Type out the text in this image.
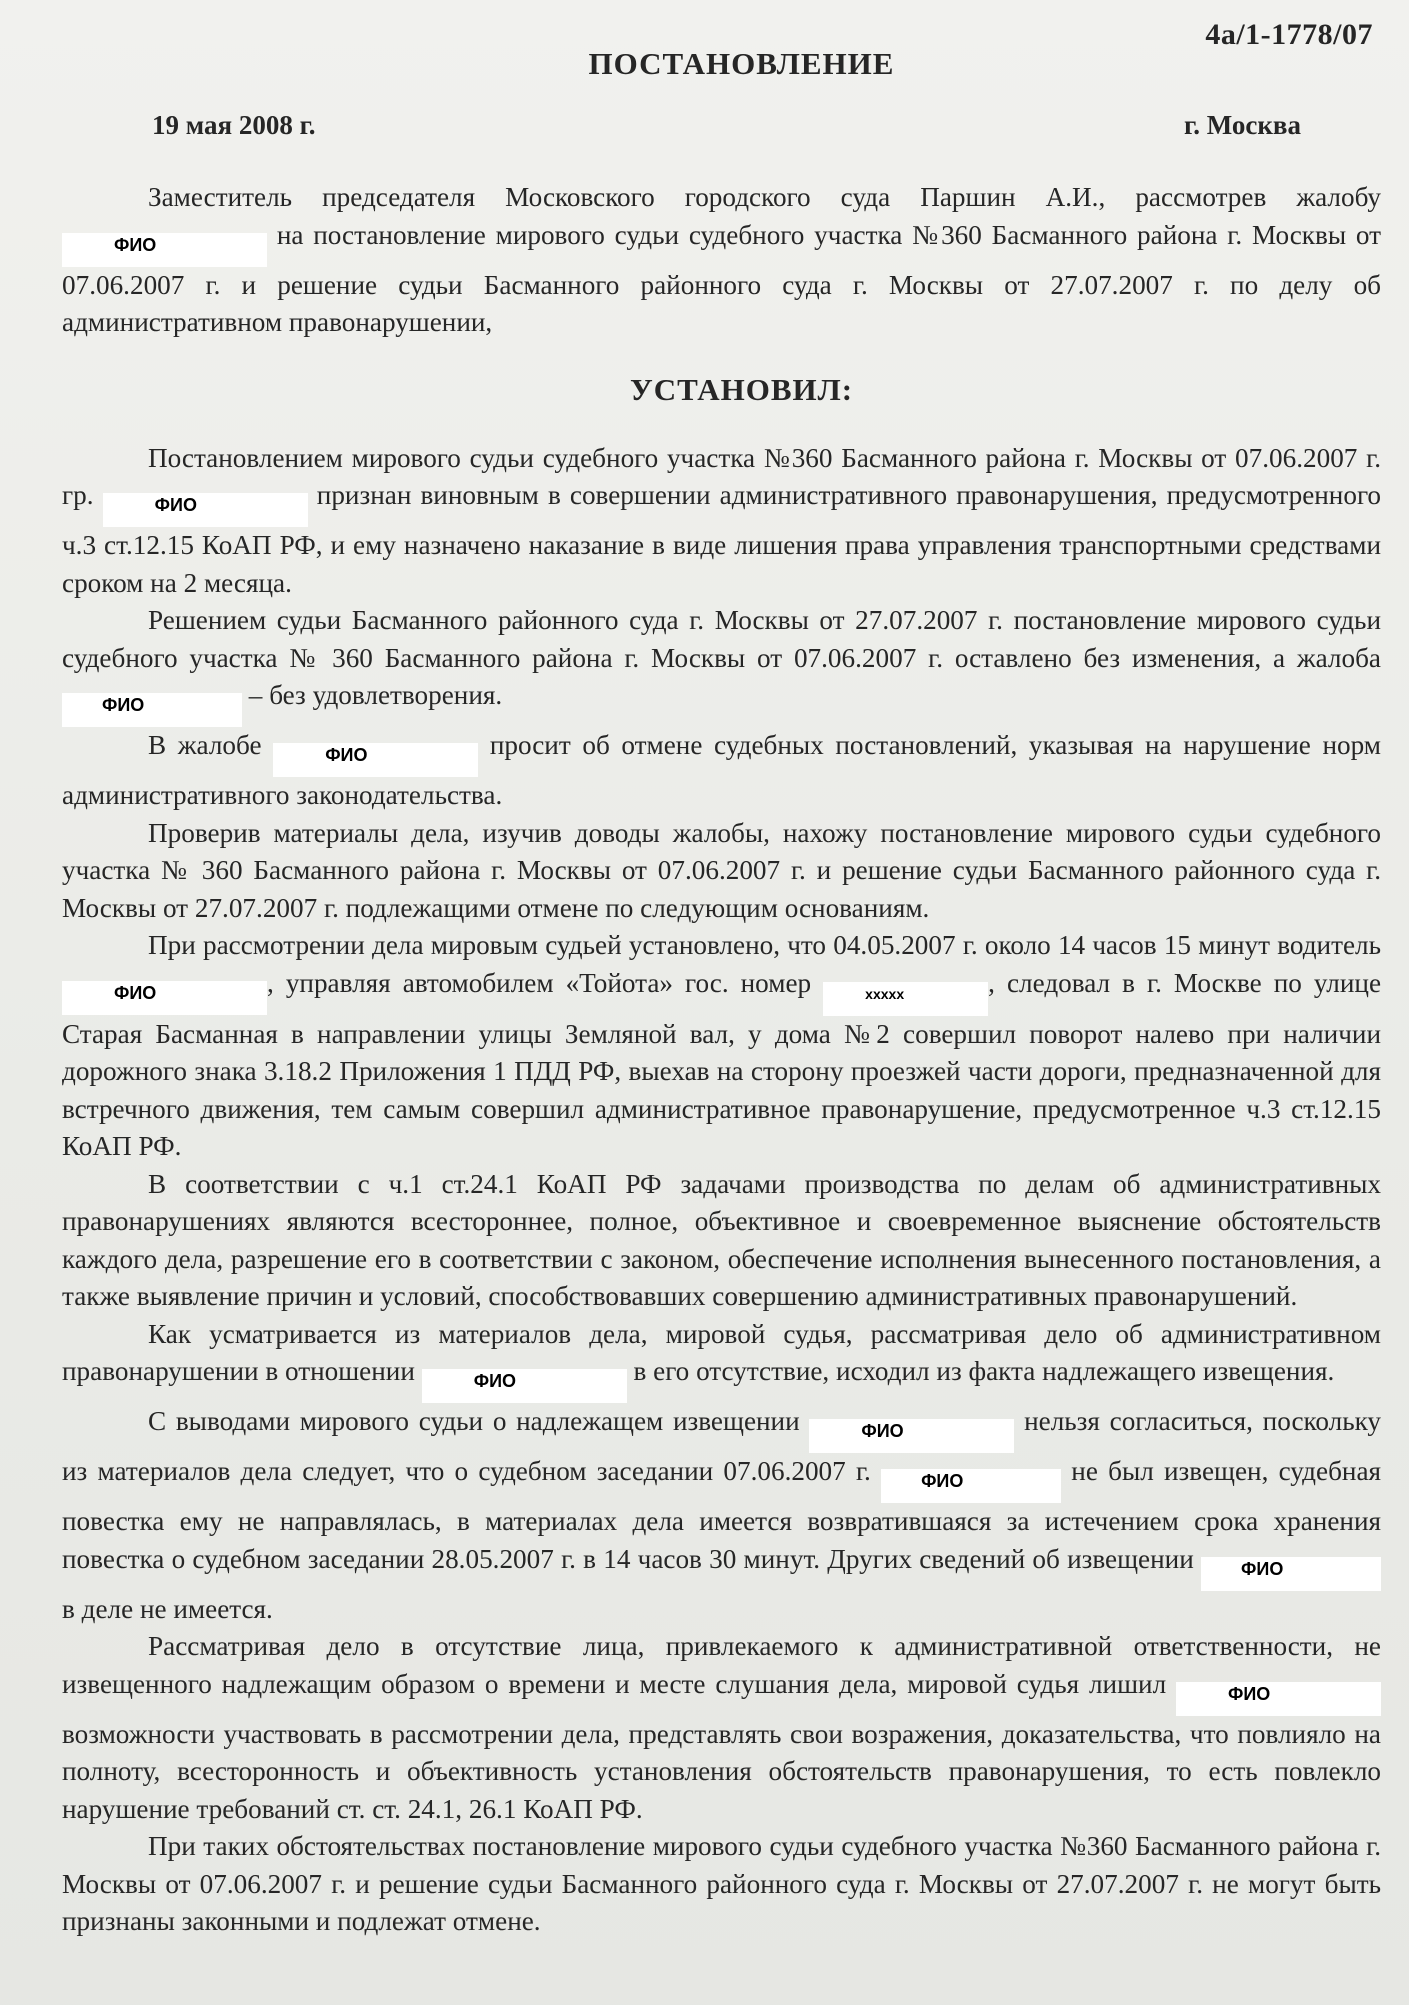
4а/1-1778/07
ПОСТАНОВЛЕНИЕ
19 мая 2008 г.	г. Москва

Заместитель председателя Московского городского суда Паршин А.И., рассмотрев жалобу ФИО	на постановление мирового судьи судебного участка №360 Басманного района г. Москвы от 07.06.2007 г. и решение судьи Басманного районного суда г. Москвы от 27.07.2007 г. по делу об административном правонарушении,

УСТАНОВИЛ:

Постановлением мирового судьи судебного участка №360 Басманного района г. Москвы от 07.06.2007 г. гр.	ФИО	признан виновным в совершении административного правонарушения, предусмотренного ч.3 ст.12.15 КоАП РФ, и ему назначено наказание в виде лишения права управления транспортными средствами сроком на 2 месяца.

Решением судьи Басманного районного суда г. Москвы от 27.07.2007 г. постановление мирового судьи судебного участка № 360 Басманного района г. Москвы от 07.06.2007 г. оставлено без изменения, а жалоба ФИО	– без удовлетворения.

В жалобе	ФИО	просит об отмене судебных постановлений, указывая на нарушение норм административного законодательства.

Проверив материалы дела, изучив доводы жалобы, нахожу постановление мирового судьи судебного участка № 360 Басманного района г. Москвы от 07.06.2007 г. и решение судьи Басманного районного суда г. Москвы от 27.07.2007 г. подлежащими отмене по следующим основаниям.

При рассмотрении дела мировым судьей установлено, что 04.05.2007 г. около 14 часов 15 минут водитель ФИО	, управляя автомобилем «Тойота» гос. номер	ххххх	, следовал в г. Москве по улице Старая Басманная в направлении улицы Земляной вал, у дома №2 совершил поворот налево при наличии дорожного знака 3.18.2 Приложения 1 ПДД РФ, выехав на сторону проезжей части дороги, предназначенной для встречного движения, тем самым совершил административное правонарушение, предусмотренное ч.3 ст.12.15 КоАП РФ.

В соответствии с ч.1 ст.24.1 КоАП РФ задачами производства по делам об административных правонарушениях являются всестороннее, полное, объективное и своевременное выяснение обстоятельств каждого дела, разрешение его в соответствии с законом, обеспечение исполнения вынесенного постановления, а также выявление причин и условий, способствовавших совершению административных правонарушений.

Как усматривается из материалов дела, мировой судья, рассматривая дело об административном правонарушении в отношении	ФИО	в его отсутствие, исходил из факта надлежащего извещения.

С выводами мирового судьи о надлежащем извещении	ФИО	нельзя согласиться, поскольку из материалов дела следует, что о судебном заседании 07.06.2007 г.	ФИО	не был извещен, судебная повестка ему не направлялась, в материалах дела имеется возвратившаяся за истечением срока хранения повестка о судебном заседании 28.05.2007 г. в 14 часов 30 минут. Других сведений об извещении	ФИО в деле не имеется.

Рассматривая дело в отсутствие лица, привлекаемого к административной ответственности, не извещенного надлежащим образом о времени и месте слушания дела, мировой судья лишил	ФИО возможности участвовать в рассмотрении дела, представлять свои возражения, доказательства, что повлияло на полноту, всесторонность и объективность установления обстоятельств правонарушения, то есть повлекло нарушение требований ст. ст. 24.1, 26.1 КоАП РФ.

При таких обстоятельствах постановление мирового судьи судебного участка №360 Басманного района г. Москвы от 07.06.2007 г. и решение судьи Басманного районного суда г. Москвы от 27.07.2007 г. не могут быть признаны законными и подлежат отмене.
